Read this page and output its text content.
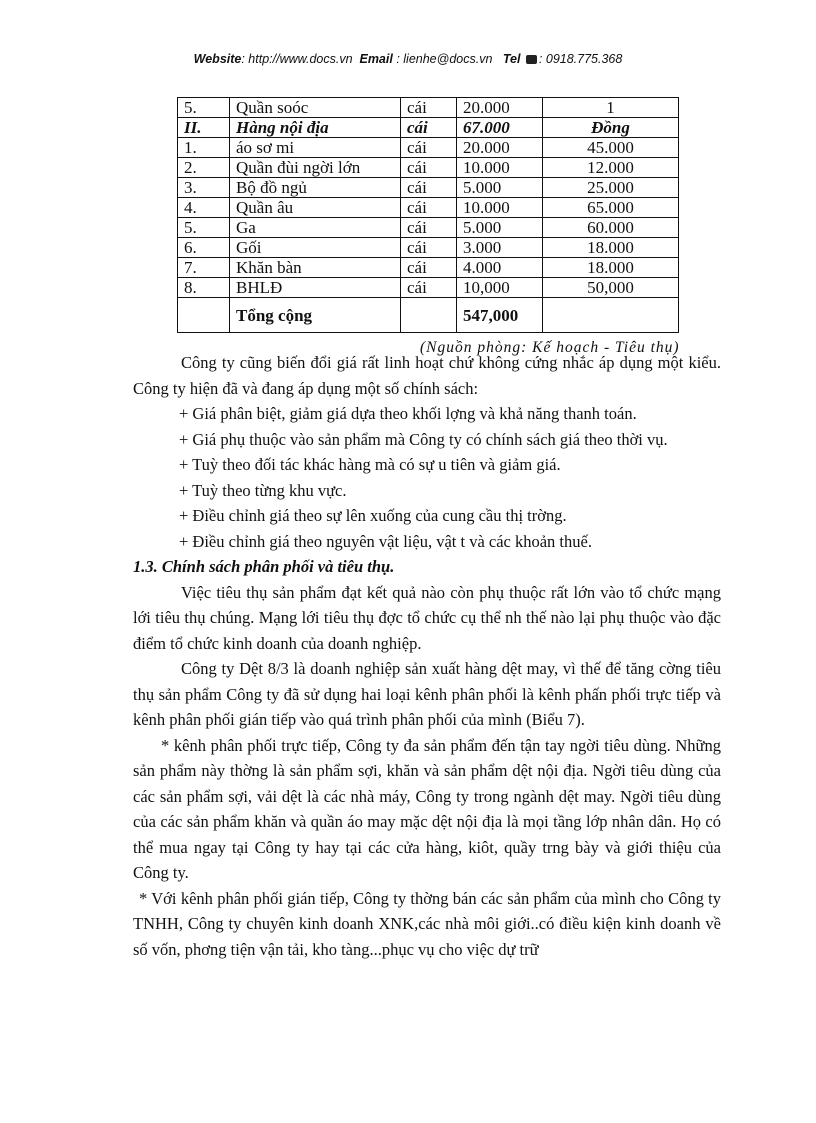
Website: http://www.docs.vn Email : lienhe@docs.vn Tel : 0918.775.368
5.	Quần soóc	cái	20.000	1
II.	Hàng nội địa	cái	67.000	Đồng
1.	áo sơ mi	cái	20.000	45.000
2.	Quần đùi ngời lớn	cái	10.000	12.000
3.	Bộ đồ ngủ	cái	5.000	25.000
4.	Quần âu	cái	10.000	65.000
5.	Ga	cái	5.000	60.000
6.	Gối	cái	3.000	18.000
7.	Khăn bàn	cái	4.000	18.000
8.	BHLĐ	cái	10,000	50,000
	Tổng cộng		547,000	
(Nguồn phòng: Kế hoạch - Tiêu thụ)

Công ty cũng biến đổi giá rất linh hoạt chứ không cứng nhắc áp dụng một kiểu. Công ty hiện đã và đang áp dụng một số chính sách:

+ Giá phân biệt, giảm giá dựa theo khối lợng và khả năng thanh toán.

+ Giá phụ thuộc vào sản phẩm mà Công ty có chính sách giá theo thời vụ.

+ Tuỳ theo đối tác khác hàng mà có sự u tiên và giảm giá.

+ Tuỳ theo từng khu vực.

+ Điều chỉnh giá theo sự lên xuống của cung cầu thị trờng.

+ Điều chỉnh giá theo nguyên vật liệu, vật t và các khoản thuế.

1.3. Chính sách phân phối và tiêu thụ.

Việc tiêu thụ sản phẩm đạt kết quả nào còn phụ thuộc rất lớn vào tổ chức mạng lới tiêu thụ chúng. Mạng lới tiêu thụ đợc tổ chức cụ thể nh thế nào lại phụ thuộc vào đặc điểm tổ chức kinh doanh của doanh nghiệp.

Công ty Dệt 8/3 là doanh nghiệp sản xuất hàng dệt may, vì thế để tăng cờng tiêu thụ sản phẩm Công ty đã sử dụng hai loại kênh phân phối là kênh phấn phối trực tiếp và kênh phân phối gián tiếp vào quá trình phân phối của mình (Biểu 7).

* kênh phân phối trực tiếp, Công ty đa sản phẩm đến tận tay ngời tiêu dùng. Những sản phẩm này thờng là sản phẩm sợi, khăn và sản phẩm dệt nội địa. Ngời tiêu dùng của các sản phẩm sợi, vải dệt là các nhà máy, Công ty trong ngành dệt may. Ngời tiêu dùng của các sản phẩm khăn và quần áo may mặc dệt nội địa là mọi tầng lớp nhân dân. Họ có thể mua ngay tại Công ty hay tại các cửa hàng, kiôt, quầy trng bày và giới thiệu của Công ty.

* Với kênh phân phối gián tiếp, Công ty thờng bán các sản phẩm của mình cho Công ty TNHH, Công ty chuyên kinh doanh XNK,các nhà môi giới..có điều kiện kinh doanh về số vốn, phơng tiện vận tải, kho tàng...phục vụ cho việc dự trữ
